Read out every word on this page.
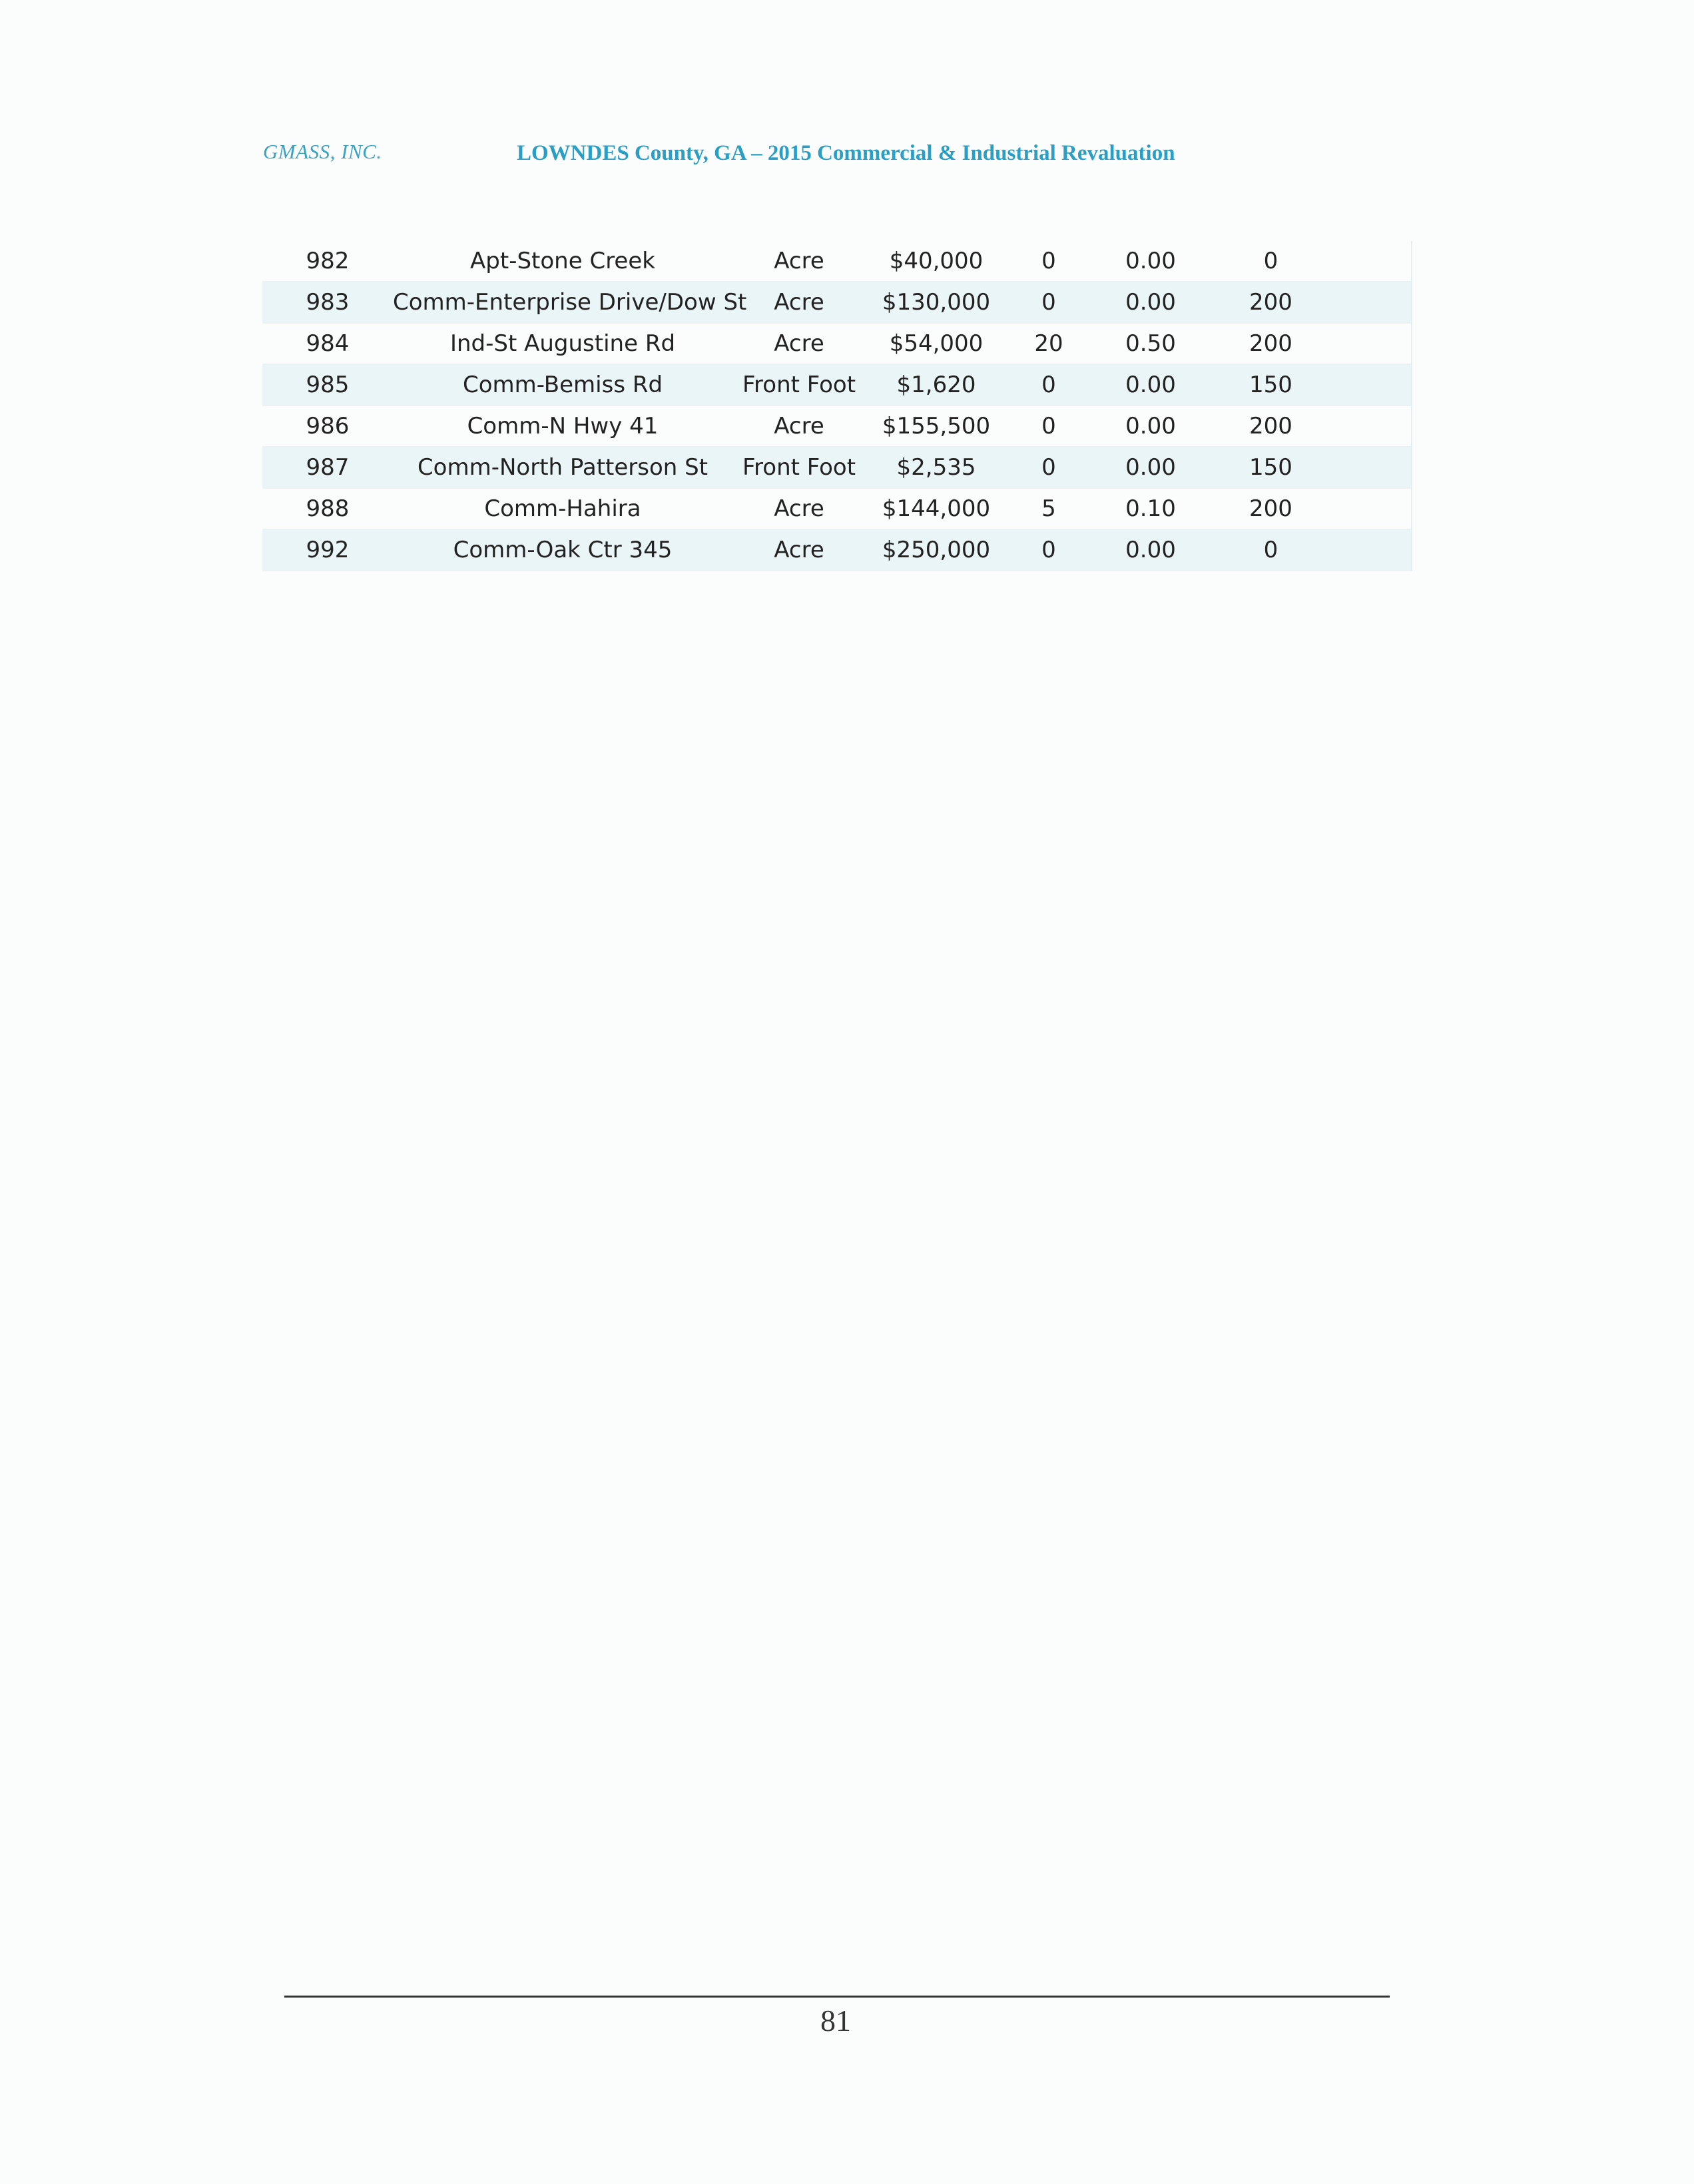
GMASS, INC.	LOWNDES County, GA – 2015 Commercial & Industrial Revaluation
982	Apt-Stone Creek	Acre	$40,000	0	0.00	0
983	Comm-Enterprise Drive/Dow St	Acre	$130,000	0	0.00	200
984	Ind-St Augustine Rd	Acre	$54,000	20	0.50	200
985	Comm-Bemiss Rd	Front Foot	$1,620	0	0.00	150
986	Comm-N Hwy 41	Acre	$155,500	0	0.00	200
987	Comm-North Patterson St	Front Foot	$2,535	0	0.00	150
988	Comm-Hahira	Acre	$144,000	5	0.10	200
992	Comm-Oak Ctr 345	Acre	$250,000	0	0.00	0
81
